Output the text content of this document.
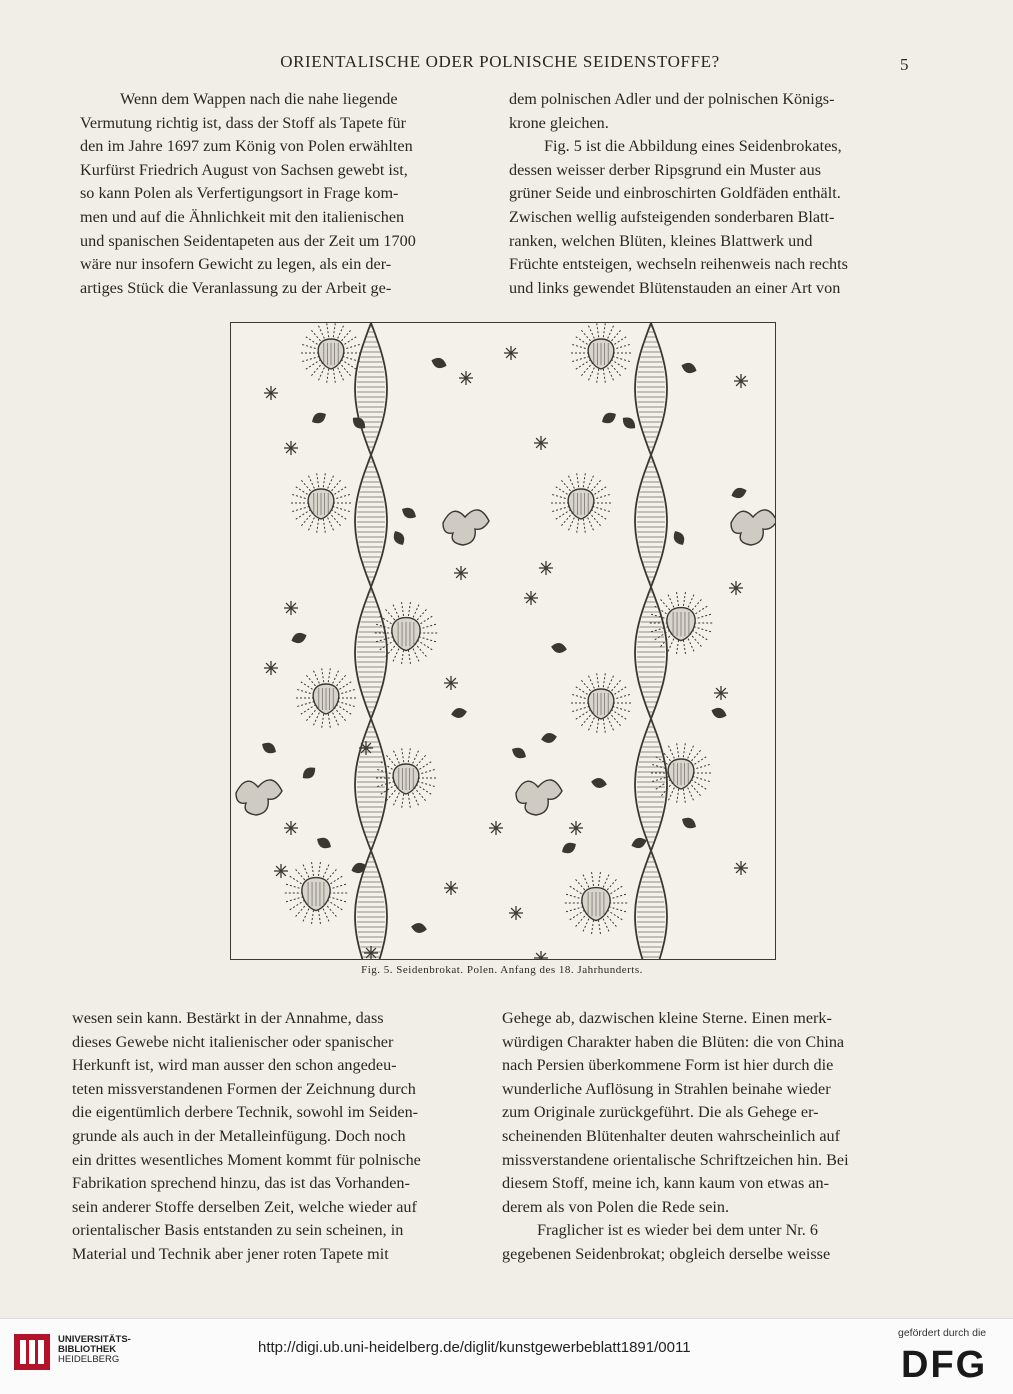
ORIENTALISCHE ODER POLNISCHE SEIDENSTOFFE?	5
Wenn dem Wappen nach die nahe liegende
Vermutung richtig ist, dass der Stoff als Tapete für
den im Jahre 1697 zum König von Polen erwählten
Kurfürst Friedrich August von Sachsen gewebt ist,
so kann Polen als Verfertigungsort in Frage kom-
men und auf die Ähnlichkeit mit den italienischen
und spanischen Seidentapeten aus der Zeit um 1700
wäre nur insofern Gewicht zu legen, als ein der-
artiges Stück die Veranlassung zu der Arbeit ge-
dem polnischen Adler und der polnischen Königs-
krone gleichen.
Fig. 5 ist die Abbildung eines Seidenbrokates,
dessen weisser derber Ripsgrund ein Muster aus
grüner Seide und einbroschirten Goldfäden enthält.
Zwischen wellig aufsteigenden sonderbaren Blatt-
ranken, welchen Blüten, kleines Blattwerk und
Früchte entsteigen, wechseln reihenweis nach rechts
und links gewendet Blütenstauden an einer Art von
Fig. 5. Seidenbrokat. Polen. Anfang des 18. Jahrhunderts.
wesen sein kann. Bestärkt in der Annahme, dass
dieses Gewebe nicht italienischer oder spanischer
Herkunft ist, wird man ausser den schon angedeu-
teten missverstandenen Formen der Zeichnung durch
die eigentümlich derbere Technik, sowohl im Seiden-
grunde als auch in der Metalleinfügung. Doch noch
ein drittes wesentliches Moment kommt für polnische
Fabrikation sprechend hinzu, das ist das Vorhanden-
sein anderer Stoffe derselben Zeit, welche wieder auf
orientalischer Basis entstanden zu sein scheinen, in
Material und Technik aber jener roten Tapete mit
Gehege ab, dazwischen kleine Sterne. Einen merk-
würdigen Charakter haben die Blüten: die von China
nach Persien überkommene Form ist hier durch die
wunderliche Auflösung in Strahlen beinahe wieder
zum Originale zurückgeführt. Die als Gehege er-
scheinenden Blütenhalter deuten wahrscheinlich auf
missverstandene orientalische Schriftzeichen hin. Bei
diesem Stoff, meine ich, kann kaum von etwas an-
derem als von Polen die Rede sein.
Fraglicher ist es wieder bei dem unter Nr. 6
gegebenen Seidenbrokat; obgleich derselbe weisse
UNIVERSITÄTS-
BIBLIOTHEK
HEIDELBERG
http://digi.ub.uni-heidelberg.de/diglit/kunstgewerbeblatt1891/0011
gefördert durch die
DFG
